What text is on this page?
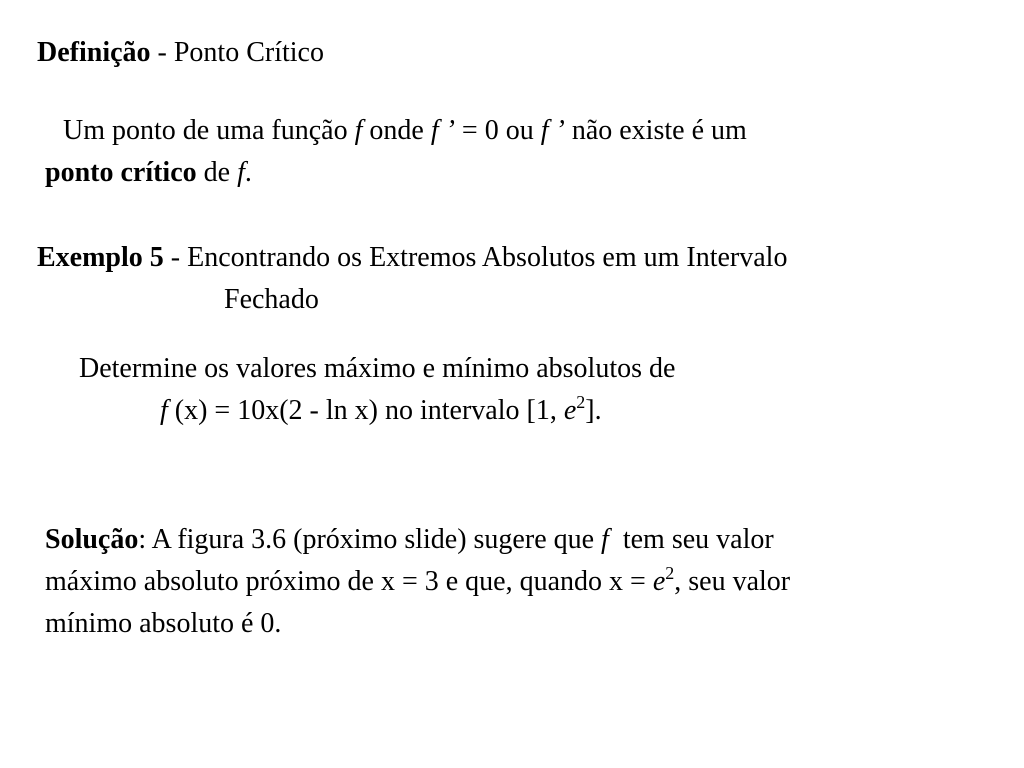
Definição - Ponto Crítico
Um ponto de uma função f onde f ’ = 0 ou f ’ não existe é um
ponto crítico de f.
Exemplo 5 - Encontrando os Extremos Absolutos em um Intervalo
Fechado
Determine os valores máximo e mínimo absolutos de
f (x) = 10x(2 - ln x) no intervalo [1, $e^2$].
Solução: A figura 3.6 (próximo slide) sugere que f  tem seu valor
máximo absoluto próximo de x = 3 e que, quando $x = e^2$, seu valor
mínimo absoluto é 0.
